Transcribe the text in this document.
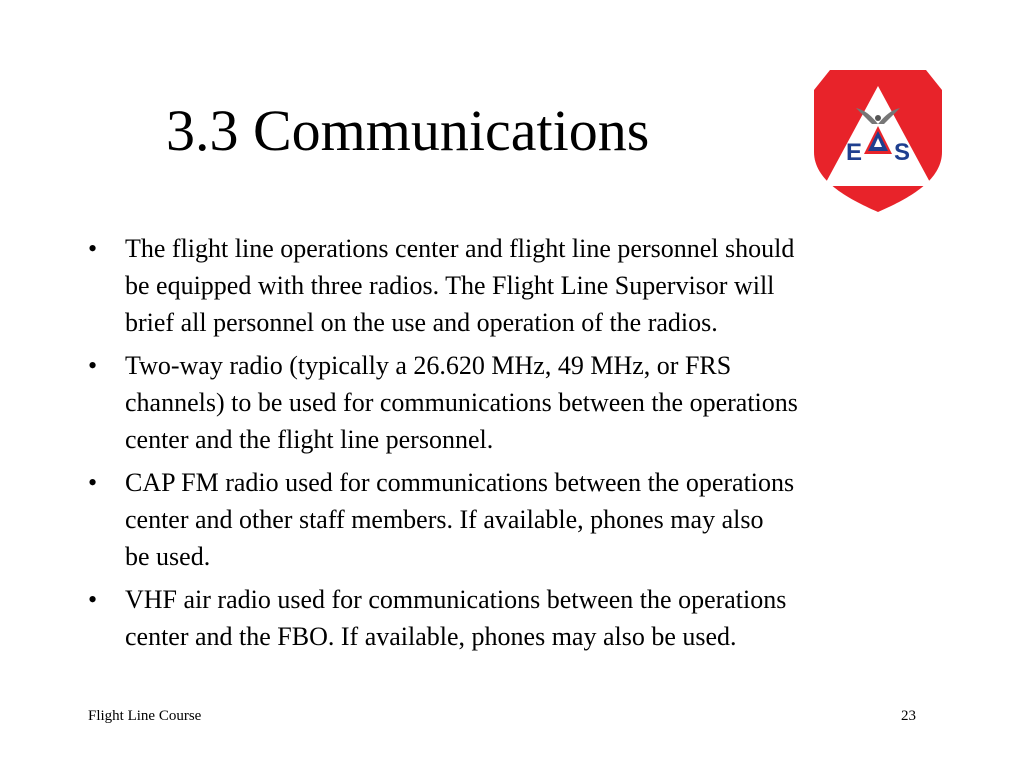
3.3 Communications	E S
•	The flight line operations center and flight line personnel should
be equipped with three radios. The Flight Line Supervisor will
brief all personnel on the use and operation of the radios.
•	Two-way radio (typically a 26.620 MHz, 49 MHz, or FRS
channels) to be used for communications between the operations
center and the flight line personnel.
•	CAP FM radio used for communications between the operations
center and other staff members. If available, phones may also
be used.
•	VHF air radio used for communications between the operations
center and the FBO. If available, phones may also be used.
Flight Line Course	23
